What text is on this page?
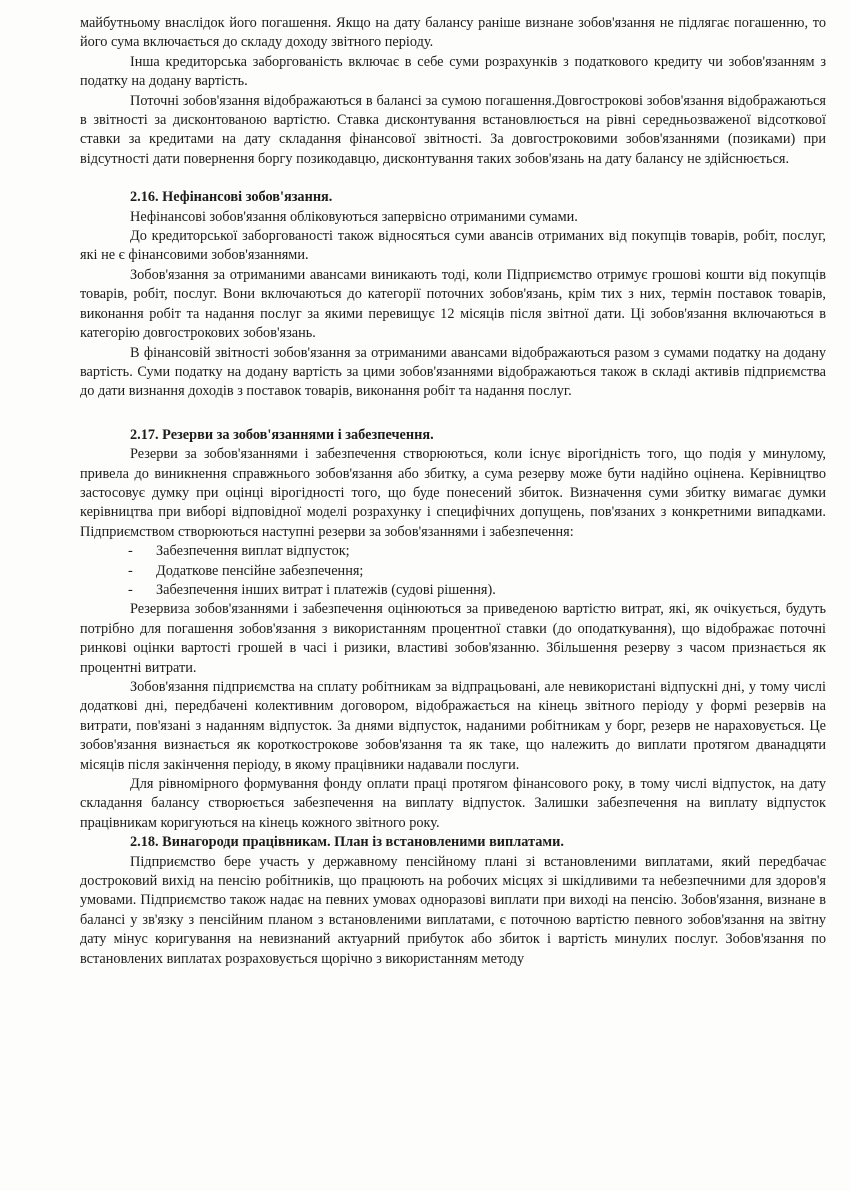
майбутньому внаслідок його погашення. Якщо на дату балансу раніше визнане зобов'язання не підлягає погашенню, то його сума включається до складу доходу звітного періоду.

Інша кредиторська заборгованість включає в себе суми розрахунків з податкового кредиту чи зобов'язанням з податку на додану вартість.

Поточні зобов'язання відображаються в балансі за сумою погашення.Довгострокові зобов'язання відображаються в звітності за дисконтованою вартістю. Ставка дисконтування встановлюється на рівні середньозваженої відсоткової ставки за кредитами на дату складання фінансової звітності. За довгостроковими зобов'язаннями (позиками) при відсутності дати повернення боргу позикодавцю, дисконтування таких зобов'язань на дату балансу не здійснюється.

2.16. Нефінансові зобов'язання.

Нефінансові зобов'язання обліковуються запервісно отриманими сумами.

До кредиторської заборгованості також відносяться суми авансів отриманих від покупців товарів, робіт, послуг, які не є фінансовими зобов'язаннями.

Зобов'язання за отриманими авансами виникають тоді, коли Підприємство отримує грошові кошти від покупців товарів, робіт, послуг. Вони включаються до категорії поточних зобов'язань, крім тих з них, термін поставок товарів, виконання робіт та надання послуг за якими перевищує 12 місяців після звітної дати. Ці зобов'язання включаються в категорію довгострокових зобов'язань.

В фінансовій звітності зобов'язання за отриманими авансами відображаються разом з сумами податку на додану вартість. Суми податку на додану вартість за цими зобов'язаннями відображаються також в складі активів підприємства до дати визнання доходів з поставок товарів, виконання робіт та надання послуг.

2.17. Резерви за зобов'язаннями і забезпечення.

Резерви за зобов'язаннями і забезпечення створюються, коли існує вірогідність того, що подія у минулому, привела до виникнення справжнього зобов'язання або збитку, а сума резерву може бути надійно оцінена. Керівництво застосовує думку при оцінці вірогідності того, що буде понесений збиток. Визначення суми збитку вимагає думки керівництва при виборі відповідної моделі розрахунку і специфічних допущень, пов'язаних з конкретними випадками. Підприємством створюються наступні резерви за зобов'язаннями і забезпечення:

- Забезпечення виплат відпусток;
- Додаткове пенсійне забезпечення;
- Забезпечення інших витрат і платежів (судові рішення).

Резервиза зобов'язаннями і забезпечення оцінюються за приведеною вартістю витрат, які, як очікується, будуть потрібно для погашення зобов'язання з використанням процентної ставки (до оподаткування), що відображає поточні ринкові оцінки вартості грошей в часі і ризики, властиві зобов'язанню. Збільшення резерву з часом признається як процентні витрати.

Зобов'язання підприємства на сплату робітникам за відпрацьовані, але невикористані відпускні дні, у тому числі додаткові дні, передбачені колективним договором, відображається на кінець звітного періоду у формі резервів на витрати, пов'язані з наданням відпусток. За днями відпусток, наданими робітникам у борг, резерв не нараховується. Це зобов'язання визнається як короткострокове зобов'язання та як таке, що належить до виплати протягом дванадцяти місяців після закінчення періоду, в якому працівники надавали послуги.

Для рівномірного формування фонду оплати праці протягом фінансового року, в тому числі відпусток, на дату складання балансу створюється забезпечення на виплату відпусток. Залишки забезпечення на виплату відпусток працівникам коригуються на кінець кожного звітного року.

2.18. Винагороди працівникам. План із встановленими виплатами.

Підприємство бере участь у державному пенсійному плані зі встановленими виплатами, який передбачає достроковий вихід на пенсію робітників, що працюють на робочих місцях зі шкідливими та небезпечними для здоров'я умовами. Підприємство також надає на певних умовах одноразові виплати при виході на пенсію. Зобов'язання, визнане в балансі у зв'язку з пенсійним планом з встановленими виплатами, є поточною вартістю певного зобов'язання на звітну дату мінус коригування на невизнаний актуарний прибуток або збиток і вартість минулих послуг. Зобов'язання по встановлених виплатах розраховується щорічно з використанням методу
